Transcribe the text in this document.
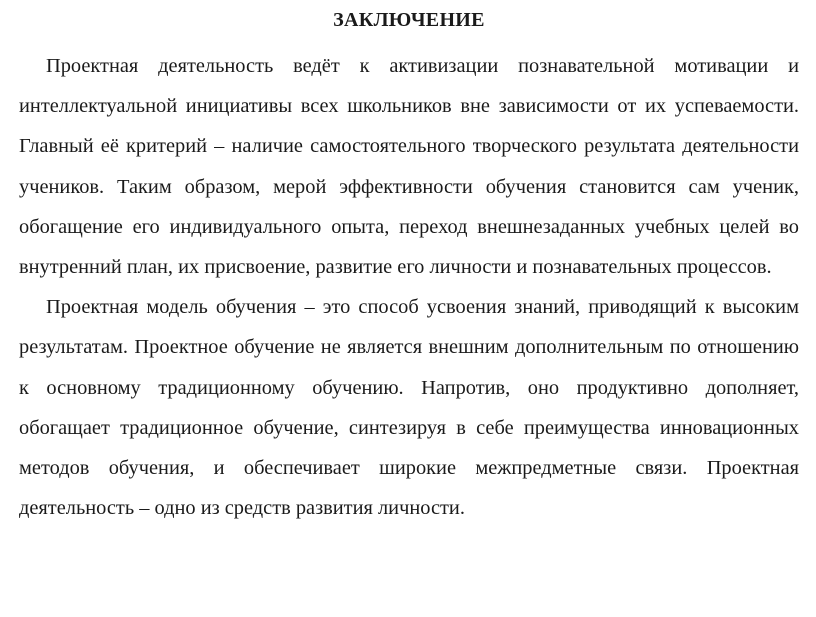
ЗАКЛЮЧЕНИЕ

Проектная деятельность ведёт к активизации познавательной мотивации и интеллектуальной инициативы всех школьников вне зависимости от их успеваемости. Главный её критерий – наличие самостоятельного творческого результата деятельности учеников. Таким образом, мерой эффективности обучения становится сам ученик, обогащение его индивидуального опыта, переход внешнезаданных учебных целей во внутренний план, их присвоение, развитие его личности и познавательных процессов.

Проектная модель обучения – это способ усвоения знаний, приводящий к высоким результатам. Проектное обучение не является внешним дополнительным по отношению к основному традиционному обучению. Напротив, оно продуктивно дополняет, обогащает традиционное обучение, синтезируя в себе преимущества инновационных методов обучения, и обеспечивает широкие межпредметные связи. Проектная деятельность – одно из средств развития личности.
